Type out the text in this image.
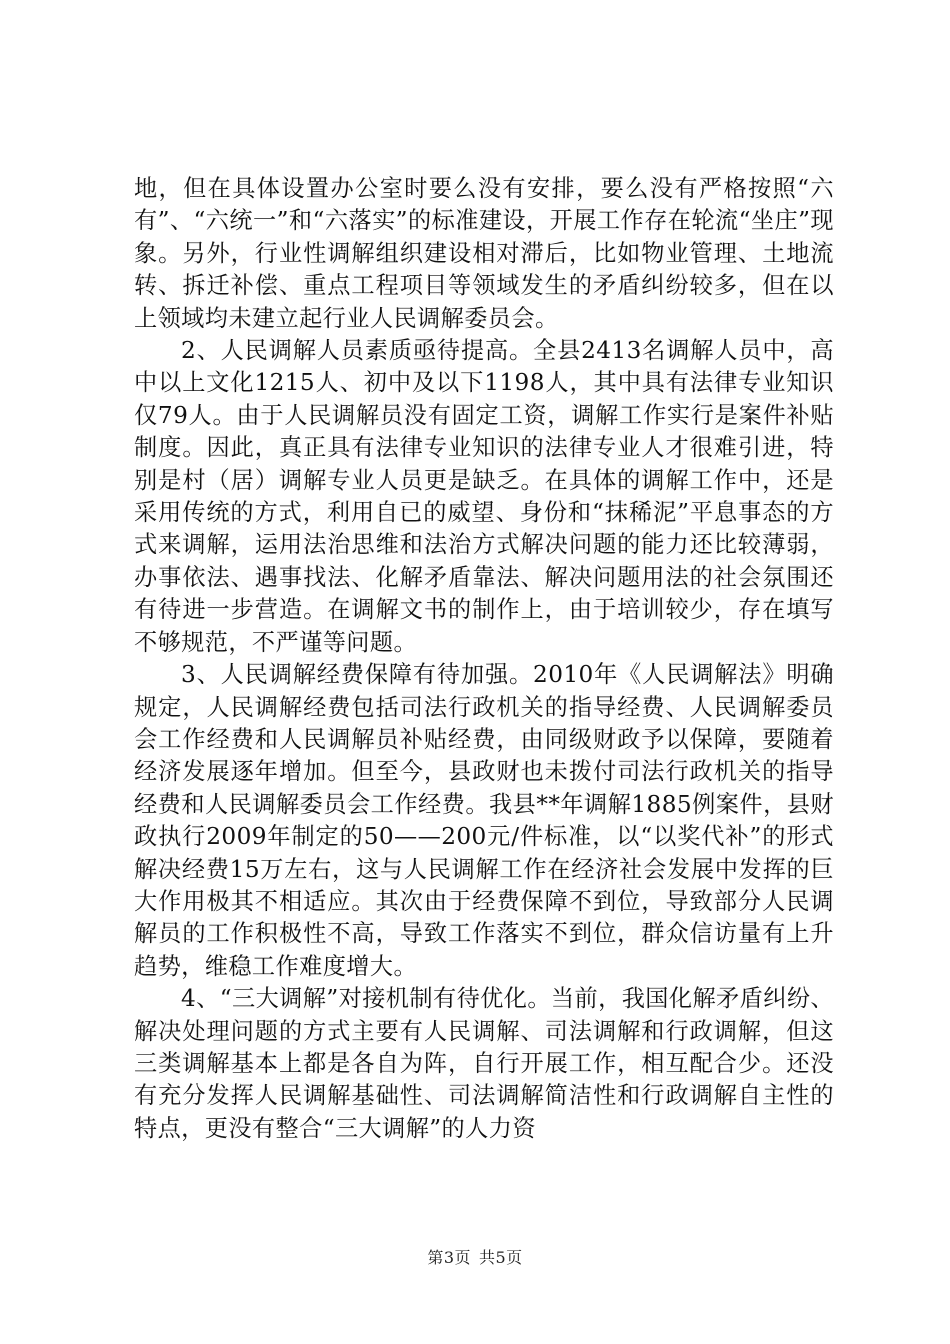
地，但在具体设置办公室时要么没有安排，要么没有严格按照“六有”、“六统一”和“六落实”的标准建设，开展工作存在轮流“坐庄”现象。另外，行业性调解组织建设相对滞后，比如物业管理、土地流转、拆迁补偿、重点工程项目等领域发生的矛盾纠纷较多，但在以上领域均未建立起行业人民调解委员会。

2、人民调解人员素质亟待提高。全县2413名调解人员中，高中以上文化1215人、初中及以下1198人，其中具有法律专业知识仅79人。由于人民调解员没有固定工资，调解工作实行是案件补贴制度。因此，真正具有法律专业知识的法律专业人才很难引进，特别是村（居）调解专业人员更是缺乏。在具体的调解工作中，还是采用传统的方式，利用自已的威望、身份和“抹稀泥”平息事态的方式来调解，运用法治思维和法治方式解决问题的能力还比较薄弱，办事依法、遇事找法、化解矛盾靠法、解决问题用法的社会氛围还有待进一步营造。在调解文书的制作上，由于培训较少，存在填写不够规范，不严谨等问题。

3、人民调解经费保障有待加强。2010年《人民调解法》明确规定，人民调解经费包括司法行政机关的指导经费、人民调解委员会工作经费和人民调解员补贴经费，由同级财政予以保障，要随着经济发展逐年增加。但至今，县政财也未拨付司法行政机关的指导经费和人民调解委员会工作经费。我县**年调解1885例案件，县财政执行2009年制定的50——200元/件标准，以“以奖代补”的形式解决经费15万左右，这与人民调解工作在经济社会发展中发挥的巨大作用极其不相适应。其次由于经费保障不到位，导致部分人民调解员的工作积极性不高，导致工作落实不到位，群众信访量有上升趋势，维稳工作难度增大。

4、“三大调解”对接机制有待优化。当前，我国化解矛盾纠纷、解决处理问题的方式主要有人民调解、司法调解和行政调解，但这三类调解基本上都是各自为阵，自行开展工作，相互配合少。还没有充分发挥人民调解基础性、司法调解简洁性和行政调解自主性的特点，更没有整合“三大调解”的人力资

第3页 共5页
